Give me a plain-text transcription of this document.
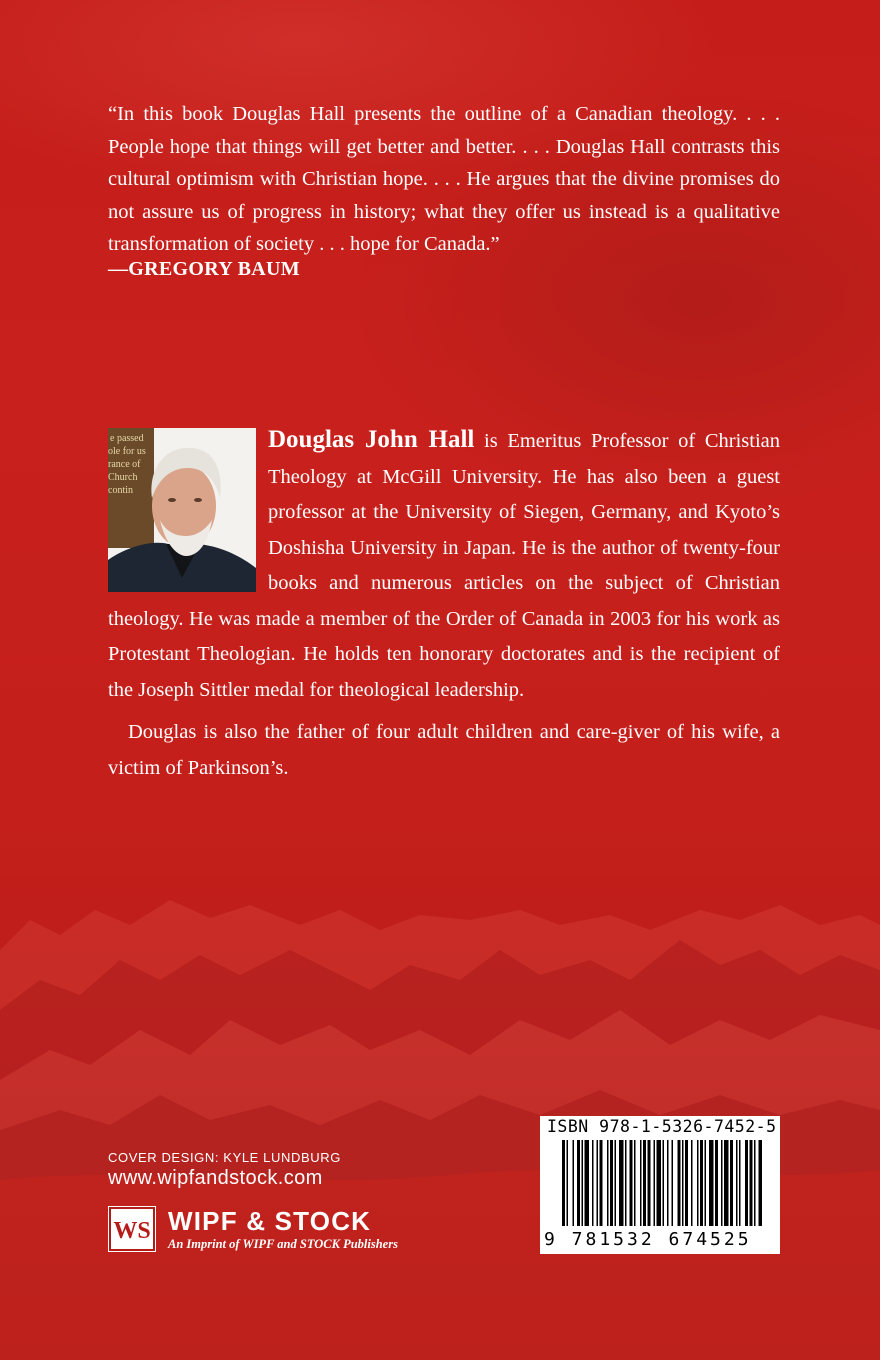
“In this book Douglas Hall presents the outline of a Canadian theology. . . . People hope that things will get better and better. . . . Douglas Hall contrasts this cultural optimism with Christian hope. . . . He argues that the divine promises do not assure us of progress in history; what they offer us instead is a qualitative transformation of society . . . hope for Canada.”

—GREGORY BAUM
e passed
ole for us
rance of
Church
contin

Douglas John Hall is Emeritus Professor of Christian Theology at McGill University. He has also been a guest professor at the University of Siegen, Germany, and Kyoto’s Doshisha University in Japan. He is the author of twenty-four books and numerous articles on the subject of Christian theology. He was made a member of the Order of Canada in 2003 for his work as Protestant Theologian. He holds ten honorary doctorates and is the recipient of the Joseph Sittler medal for theological leadership.

Douglas is also the father of four adult children and care-giver of his wife, a victim of Parkinson’s.

COVER DESIGN: KYLE LUNDBURG
www.wipfandstock.com
WS WIPF & STOCK
An Imprint of WIPF and STOCK Publishers
ISBN 978-1-5326-7452-5
9 781532 674525
